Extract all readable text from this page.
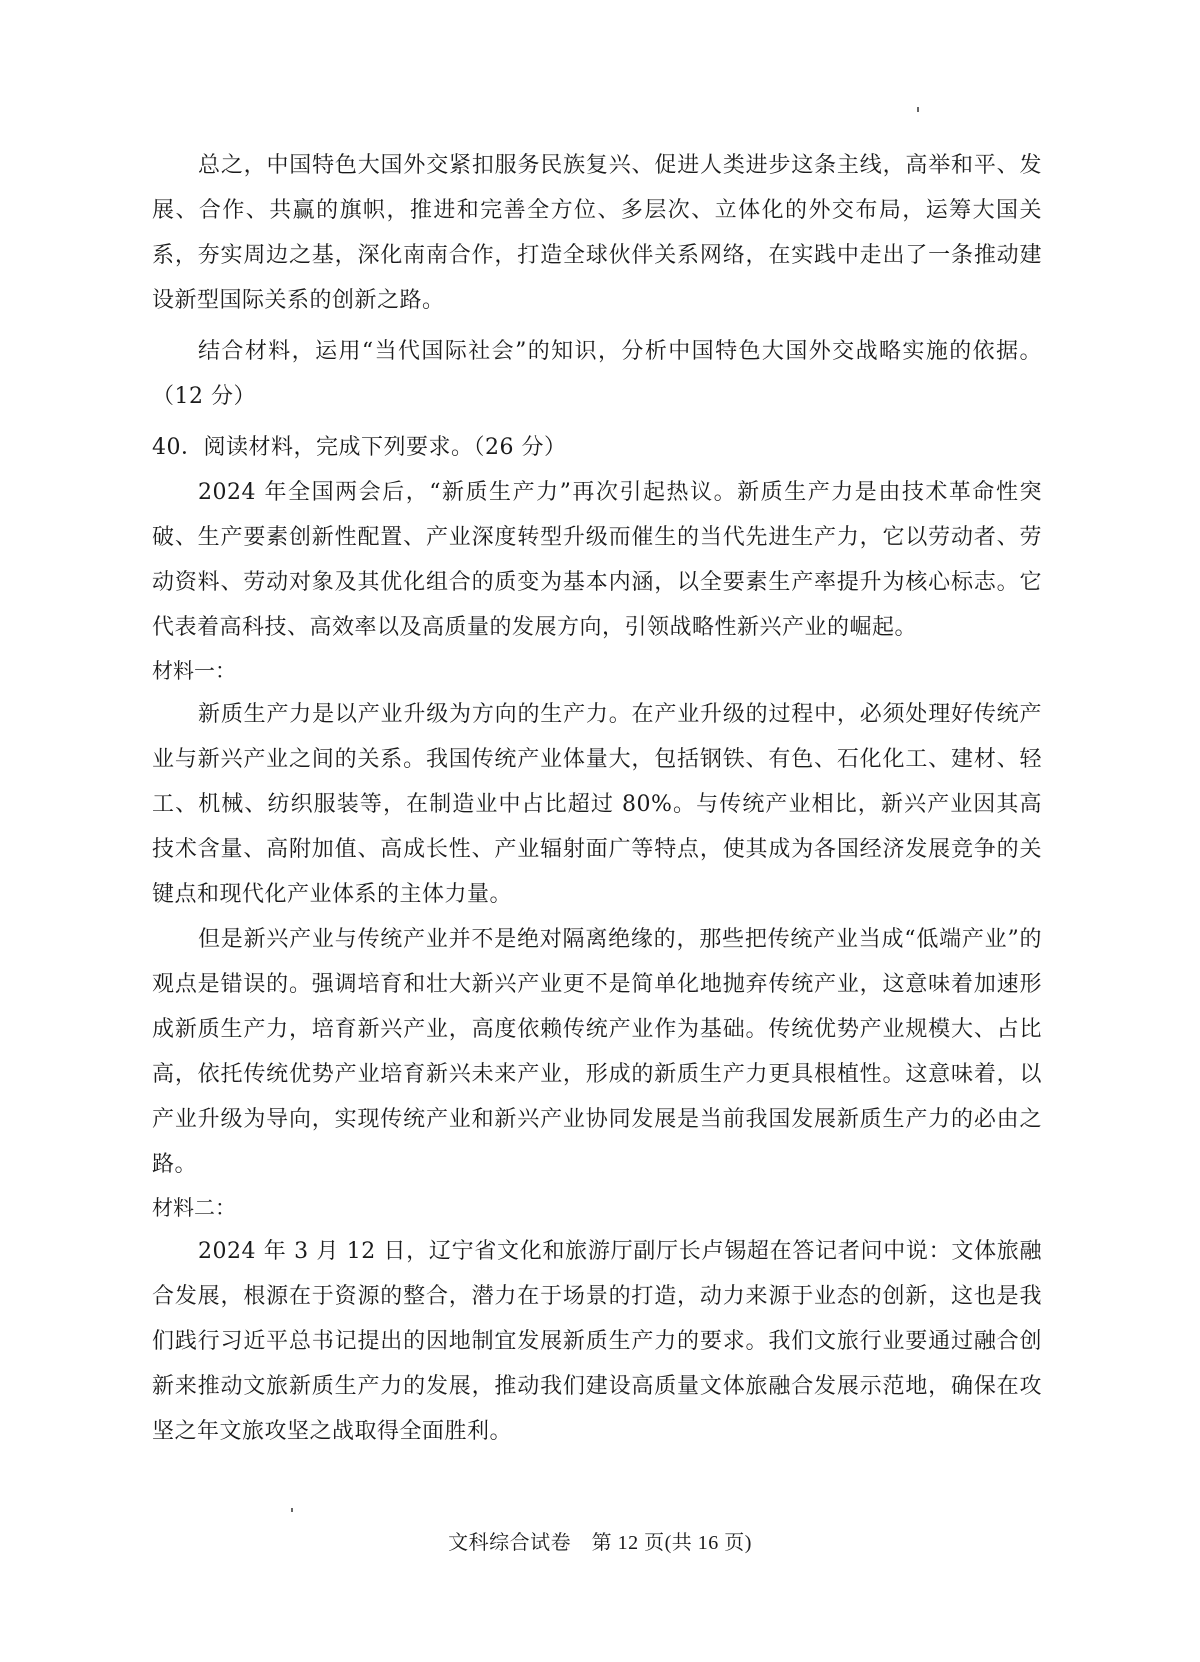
总之，中国特色大国外交紧扣服务民族复兴、促进人类进步这条主线，高举和平、发展、合作、共赢的旗帜，推进和完善全方位、多层次、立体化的外交布局，运筹大国关系，夯实周边之基，深化南南合作，打造全球伙伴关系网络，在实践中走出了一条推动建设新型国际关系的创新之路。

结合材料，运用“当代国际社会”的知识，分析中国特色大国外交战略实施的依据。（12 分）

40．阅读材料，完成下列要求。（26 分）

2024 年全国两会后，“新质生产力”再次引起热议。新质生产力是由技术革命性突破、生产要素创新性配置、产业深度转型升级而催生的当代先进生产力，它以劳动者、劳动资料、劳动对象及其优化组合的质变为基本内涵，以全要素生产率提升为核心标志。它代表着高科技、高效率以及高质量的发展方向，引领战略性新兴产业的崛起。

材料一：

新质生产力是以产业升级为方向的生产力。在产业升级的过程中，必须处理好传统产业与新兴产业之间的关系。我国传统产业体量大，包括钢铁、有色、石化化工、建材、轻工、机械、纺织服装等，在制造业中占比超过 80%。与传统产业相比，新兴产业因其高技术含量、高附加值、高成长性、产业辐射面广等特点，使其成为各国经济发展竞争的关键点和现代化产业体系的主体力量。

但是新兴产业与传统产业并不是绝对隔离绝缘的，那些把传统产业当成“低端产业”的观点是错误的。强调培育和壮大新兴产业更不是简单化地抛弃传统产业，这意味着加速形成新质生产力，培育新兴产业，高度依赖传统产业作为基础。传统优势产业规模大、占比高，依托传统优势产业培育新兴未来产业，形成的新质生产力更具根植性。这意味着，以产业升级为导向，实现传统产业和新兴产业协同发展是当前我国发展新质生产力的必由之路。

材料二：

2024 年 3 月 12 日，辽宁省文化和旅游厅副厅长卢锡超在答记者问中说：文体旅融合发展，根源在于资源的整合，潜力在于场景的打造，动力来源于业态的创新，这也是我们践行习近平总书记提出的因地制宜发展新质生产力的要求。我们文旅行业要通过融合创新来推动文旅新质生产力的发展，推动我们建设高质量文体旅融合发展示范地，确保在攻坚之年文旅攻坚之战取得全面胜利。

文科综合试卷　第 12 页(共 16 页)
